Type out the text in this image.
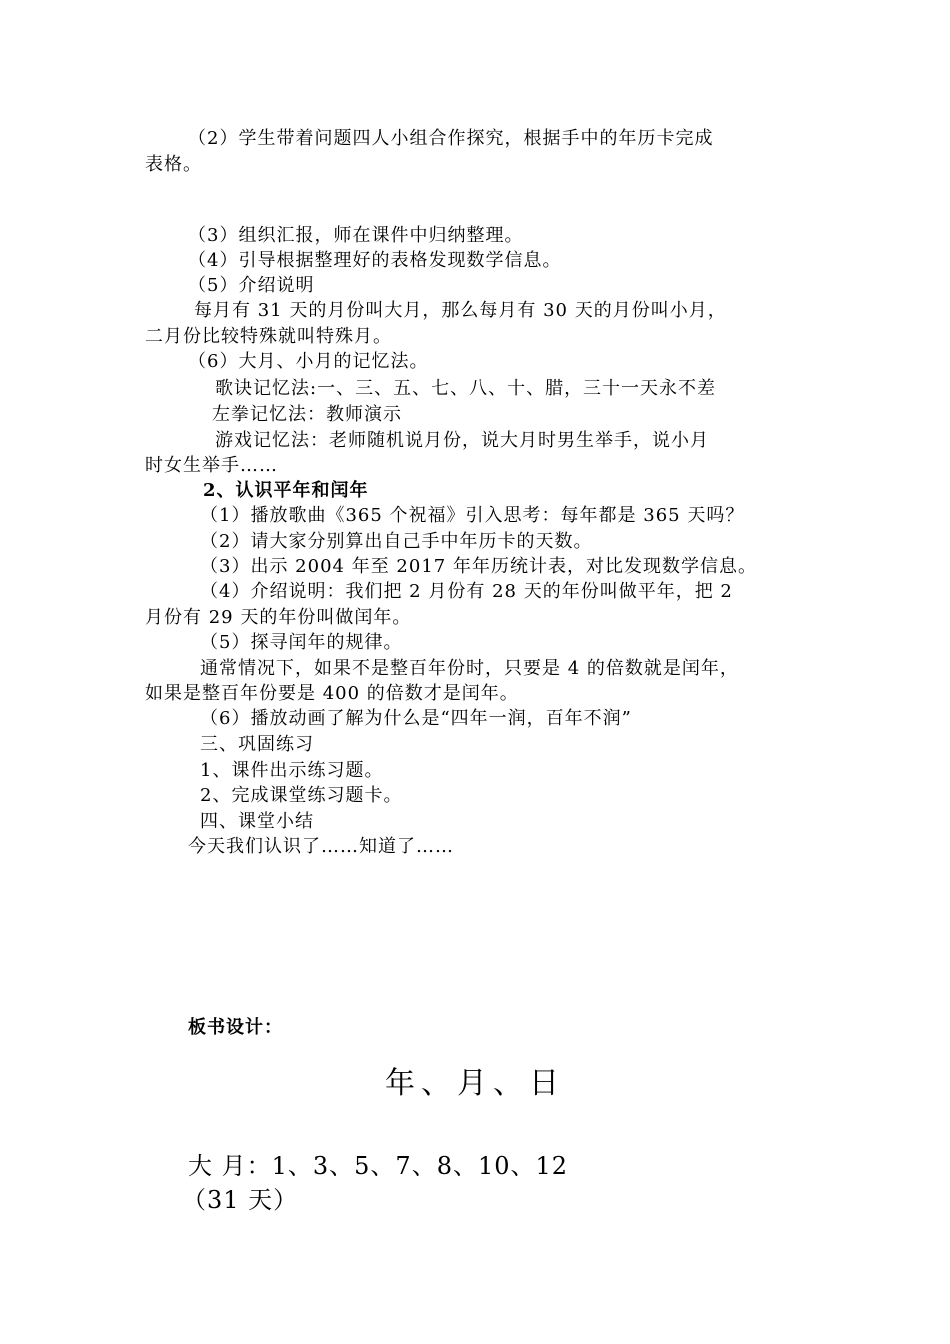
（2）学生带着问题四人小组合作探究，根据手中的年历卡完成
表格。
（3）组织汇报，师在课件中归纳整理。
（4）引导根据整理好的表格发现数学信息。
（5）介绍说明
每月有 31 天的月份叫大月，那么每月有 30 天的月份叫小月，
二月份比较特殊就叫特殊月。
（6）大月、小月的记忆法。
歌诀记忆法:一、三、五、七、八、十、腊，三十一天永不差
左拳记忆法：教师演示
游戏记忆法：老师随机说月份，说大月时男生举手，说小月
时女生举手……
2、认识平年和闰年
（1）播放歌曲《365 个祝福》引入思考：每年都是 365 天吗？
（2）请大家分别算出自己手中年历卡的天数。
（3）出示 2004 年至 2017 年年历统计表，对比发现数学信息。
（4）介绍说明：我们把 2 月份有 28 天的年份叫做平年，把 2
月份有 29 天的年份叫做闰年。
（5）探寻闰年的规律。
通常情况下，如果不是整百年份时，只要是 4 的倍数就是闰年，
如果是整百年份要是 400 的倍数才是闰年。
（6）播放动画了解为什么是“四年一润，百年不润”
三、巩固练习
1、课件出示练习题。
2、完成课堂练习题卡。
四、课堂小结
今天我们认识了……知道了……
板书设计：
年、月、日
大 月：1、3、5、7、8、10、12
（31 天）
